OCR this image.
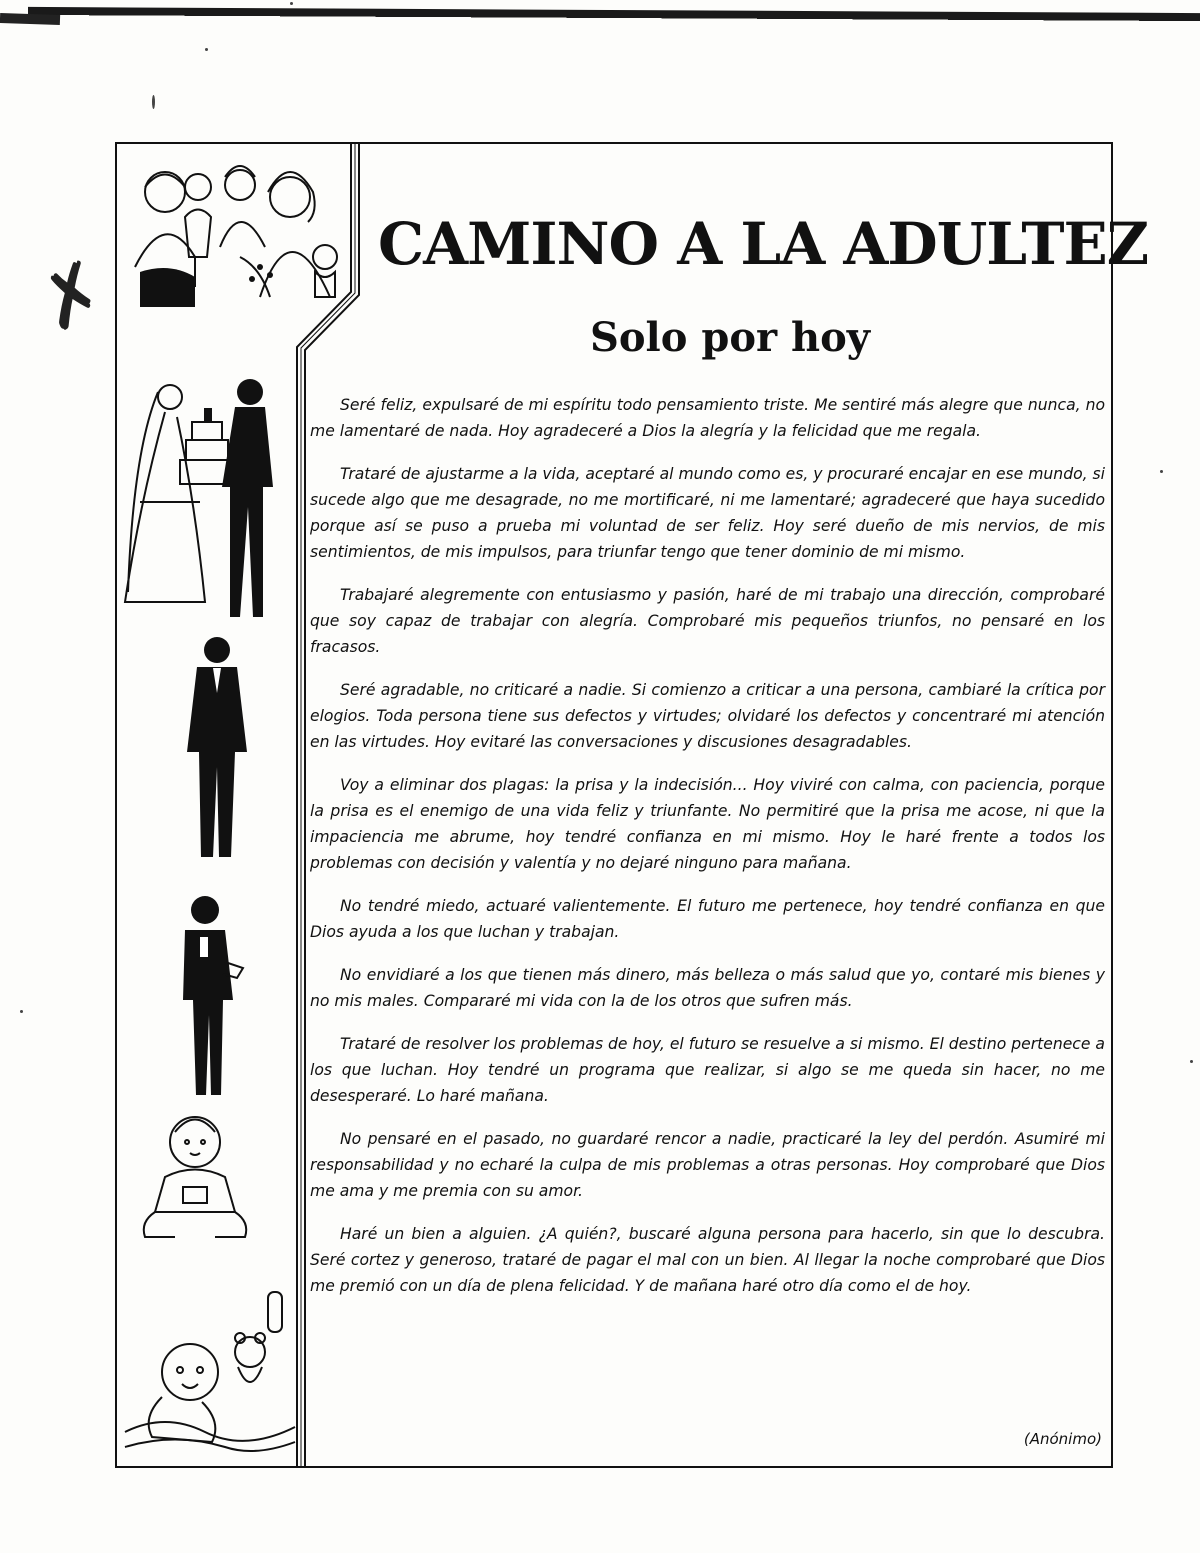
✗	CAMINO A LA ADULTEZ
Solo por hoy

Seré feliz, expulsaré de mi espíritu todo pensamiento triste. Me sentiré más alegre que nunca, no me lamentaré de nada. Hoy agradeceré a Dios la alegría y la felicidad que me regala.

Trataré de ajustarme a la vida, aceptaré al mundo como es, y procuraré encajar en ese mundo, si sucede algo que me desagrade, no me mortificaré, ni me lamentaré; agradeceré que haya sucedido porque así se puso a prueba mi voluntad de ser feliz. Hoy seré dueño de mis nervios, de mis sentimientos, de mis impulsos, para triunfar tengo que tener dominio de mi mismo.

Trabajaré alegremente con entusiasmo y pasión, haré de mi trabajo una dirección, comprobaré que soy capaz de trabajar con alegría. Comprobaré mis pequeños triunfos, no pensaré en los fracasos.

Seré agradable, no criticaré a nadie. Si comienzo a criticar a una persona, cambiaré la crítica por elogios. Toda persona tiene sus defectos y virtudes; olvidaré los defectos y concentraré mi atención en las virtudes. Hoy evitaré las conversaciones y discusiones desagradables.

Voy a eliminar dos plagas: la prisa y la indecisión... Hoy viviré con calma, con paciencia, porque la prisa es el enemigo de una vida feliz y triunfante. No permitiré que la prisa me acose, ni que la impaciencia me abrume, hoy tendré confianza en mi mismo. Hoy le haré frente a todos los problemas con decisión y valentía y no dejaré ninguno para mañana.

No tendré miedo, actuaré valientemente. El futuro me pertenece, hoy tendré confianza en que Dios ayuda a los que luchan y trabajan.

No envidiaré a los que tienen más dinero, más belleza o más salud que yo, contaré mis bienes y no mis males. Compararé mi vida con la de los otros que sufren más.

Trataré de resolver los problemas de hoy, el futuro se resuelve a si mismo. El destino pertenece a los que luchan. Hoy tendré un programa que realizar, si algo se me queda sin hacer, no me desesperaré. Lo haré mañana.

No pensaré en el pasado, no guardaré rencor a nadie, practicaré la ley del perdón. Asumiré mi responsabilidad y no echaré la culpa de mis problemas a otras personas. Hoy comprobaré que Dios me ama y me premia con su amor.

Haré un bien a alguien. ¿A quién?, buscaré alguna persona para hacerlo, sin que lo descubra. Seré cortez y generoso, trataré de pagar el mal con un bien. Al llegar la noche comprobaré que Dios me premió con un día de plena felicidad. Y de mañana haré otro día como el de hoy.

(Anónimo)
